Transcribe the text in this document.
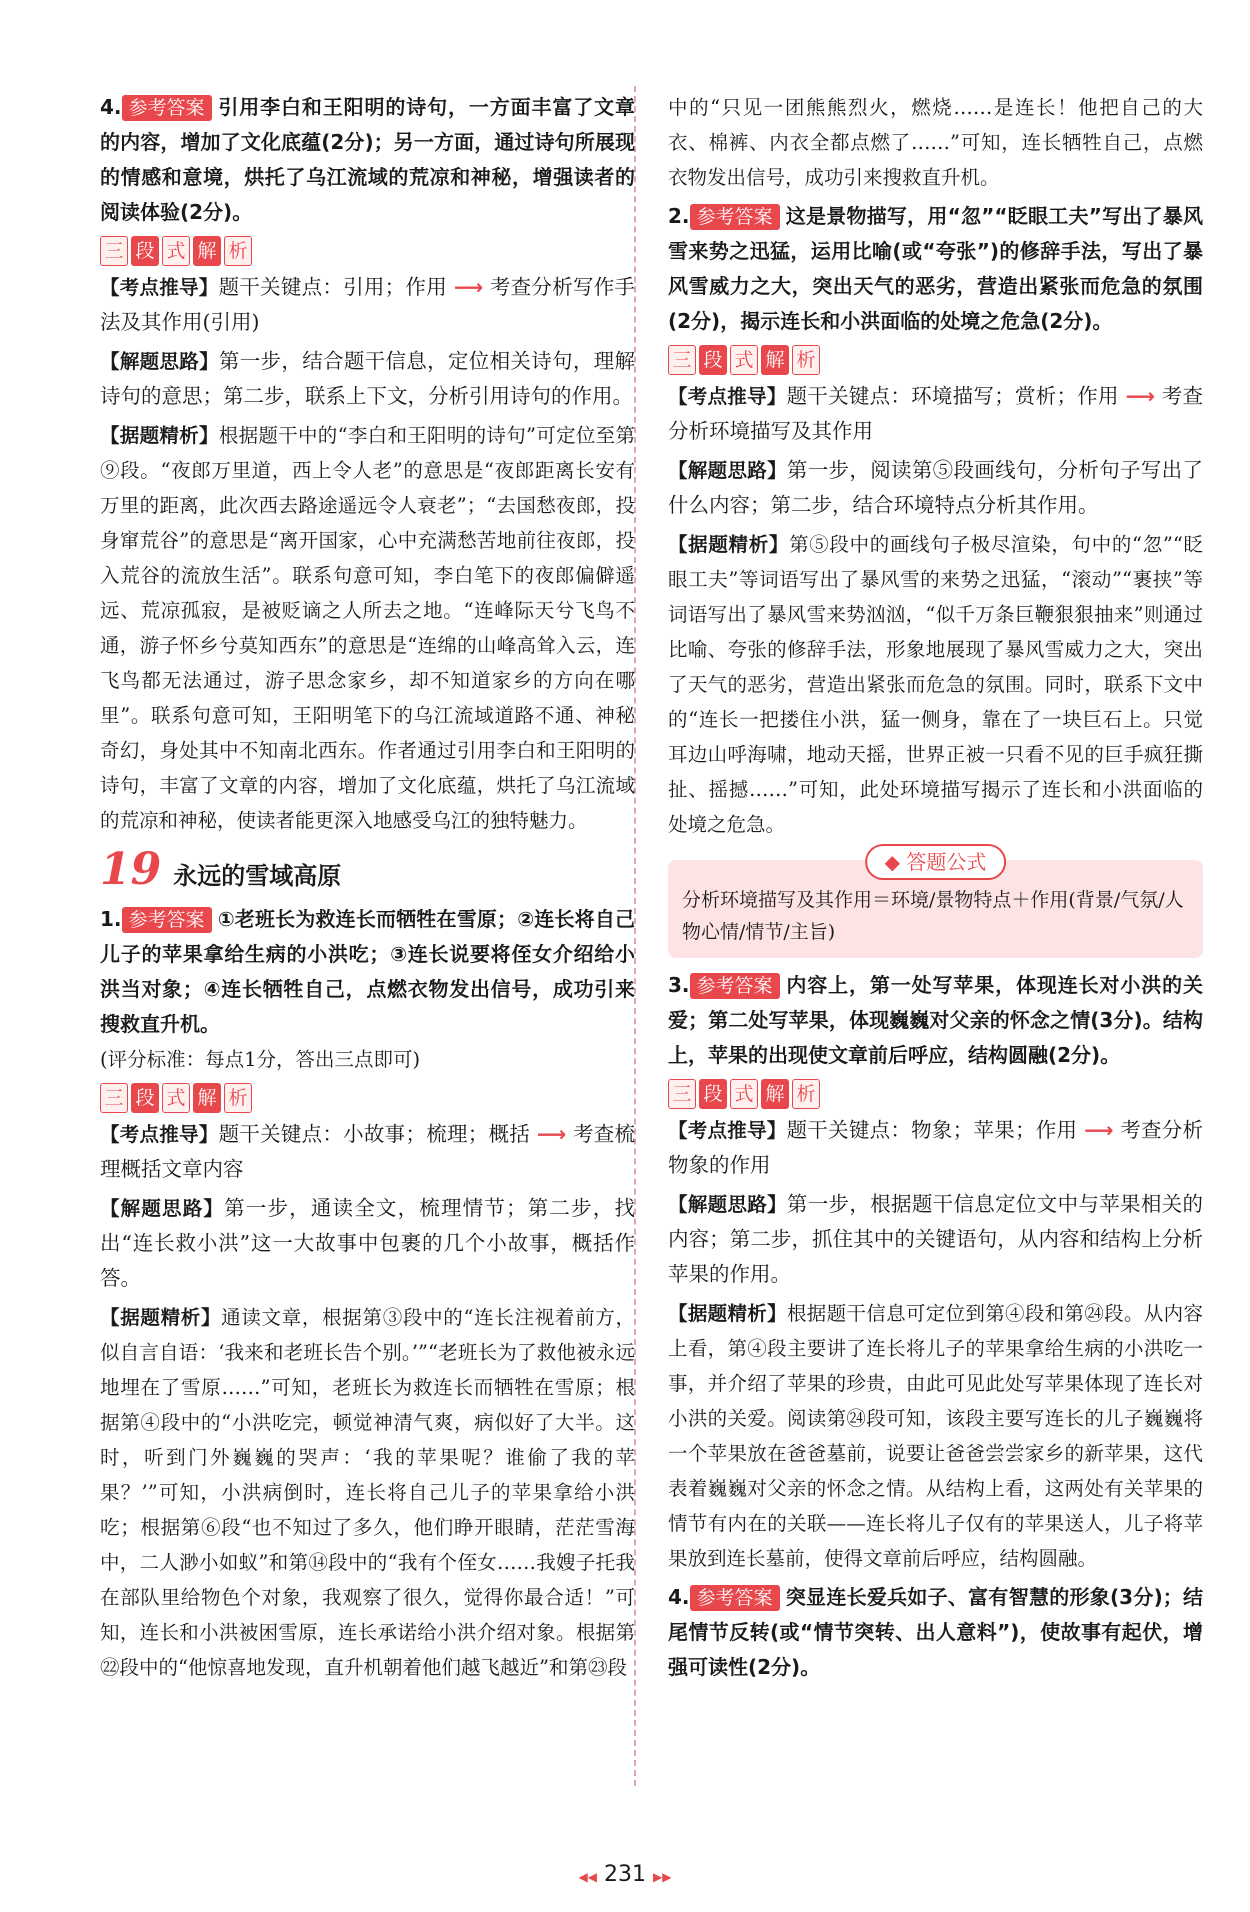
4. 参考答案 引用李白和王阳明的诗句，一方面丰富了文章的内容，增加了文化底蕴(2分)；另一方面，通过诗句所展现的情感和意境，烘托了乌江流域的荒凉和神秘，增强读者的阅读体验(2分)。

三 段 式 解 析

【考点推导】题干关键点：引用；作用 ⟶ 考查分析写作手法及其作用(引用)

【解题思路】第一步，结合题干信息，定位相关诗句，理解诗句的意思；第二步，联系上下文，分析引用诗句的作用。

【据题精析】根据题干中的“李白和王阳明的诗句”可定位至第⑨段。“夜郎万里道，西上令人老”的意思是“夜郎距离长安有万里的距离，此次西去路途遥远令人衰老”；“去国愁夜郎，投身窜荒谷”的意思是“离开国家，心中充满愁苦地前往夜郎，投入荒谷的流放生活”。联系句意可知，李白笔下的夜郎偏僻遥远、荒凉孤寂，是被贬谪之人所去之地。“连峰际天兮飞鸟不通，游子怀乡兮莫知西东”的意思是“连绵的山峰高耸入云，连飞鸟都无法通过，游子思念家乡，却不知道家乡的方向在哪里”。联系句意可知，王阳明笔下的乌江流域道路不通、神秘奇幻，身处其中不知南北西东。作者通过引用李白和王阳明的诗句，丰富了文章的内容，增加了文化底蕴，烘托了乌江流域的荒凉和神秘，使读者能更深入地感受乌江的独特魅力。

19 永远的雪域高原

1. 参考答案 ①老班长为救连长而牺牲在雪原；②连长将自己儿子的苹果拿给生病的小洪吃；③连长说要将侄女介绍给小洪当对象；④连长牺牲自己，点燃衣物发出信号，成功引来搜救直升机。

(评分标准：每点1分，答出三点即可)

三 段 式 解 析

【考点推导】题干关键点：小故事；梳理；概括 ⟶ 考查梳理概括文章内容

【解题思路】第一步，通读全文，梳理情节；第二步，找出“连长救小洪”这一大故事中包裹的几个小故事，概括作答。

【据题精析】通读文章，根据第③段中的“连长注视着前方，似自言自语：‘我来和老班长告个别。’”“老班长为了救他被永远地埋在了雪原……”可知，老班长为救连长而牺牲在雪原；根据第④段中的“小洪吃完，顿觉神清气爽，病似好了大半。这时，听到门外巍巍的哭声：‘我的苹果呢？谁偷了我的苹果？’”可知，小洪病倒时，连长将自己儿子的苹果拿给小洪吃；根据第⑥段“也不知过了多久，他们睁开眼睛，茫茫雪海中，二人渺小如蚁”和第⑭段中的“我有个侄女……我嫂子托我在部队里给物色个对象，我观察了很久，觉得你最合适！”可知，连长和小洪被困雪原，连长承诺给小洪介绍对象。根据第㉒段中的“他惊喜地发现，直升机朝着他们越飞越近”和第㉓段

中的“只见一团熊熊烈火，燃烧……是连长！他把自己的大衣、棉裤、内衣全都点燃了……”可知，连长牺牲自己，点燃衣物发出信号，成功引来搜救直升机。

2. 参考答案 这是景物描写，用“忽”“眨眼工夫”写出了暴风雪来势之迅猛，运用比喻(或“夸张”)的修辞手法，写出了暴风雪威力之大，突出天气的恶劣，营造出紧张而危急的氛围(2分)，揭示连长和小洪面临的处境之危急(2分)。

三 段 式 解 析

【考点推导】题干关键点：环境描写；赏析；作用 ⟶ 考查分析环境描写及其作用

【解题思路】第一步，阅读第⑤段画线句，分析句子写出了什么内容；第二步，结合环境特点分析其作用。

【据题精析】第⑤段中的画线句子极尽渲染，句中的“忽”“眨眼工夫”等词语写出了暴风雪的来势之迅猛，“滚动”“裹挟”等词语写出了暴风雪来势汹汹，“似千万条巨鞭狠狠抽来”则通过比喻、夸张的修辞手法，形象地展现了暴风雪威力之大，突出了天气的恶劣，营造出紧张而危急的氛围。同时，联系下文中的“连长一把搂住小洪，猛一侧身，靠在了一块巨石上。只觉耳边山呼海啸，地动天摇，世界正被一只看不见的巨手疯狂撕扯、摇撼……”可知，此处环境描写揭示了连长和小洪面临的处境之危急。

◆ 答题公式
分析环境描写及其作用＝环境/景物特点＋作用(背景/气氛/人物心情/情节/主旨)

3. 参考答案 内容上，第一处写苹果，体现连长对小洪的关爱；第二处写苹果，体现巍巍对父亲的怀念之情(3分)。结构上，苹果的出现使文章前后呼应，结构圆融(2分)。

三 段 式 解 析

【考点推导】题干关键点：物象；苹果；作用 ⟶ 考查分析物象的作用

【解题思路】第一步，根据题干信息定位文中与苹果相关的内容；第二步，抓住其中的关键语句，从内容和结构上分析苹果的作用。

【据题精析】根据题干信息可定位到第④段和第㉔段。从内容上看，第④段主要讲了连长将儿子的苹果拿给生病的小洪吃一事，并介绍了苹果的珍贵，由此可见此处写苹果体现了连长对小洪的关爱。阅读第㉔段可知，该段主要写连长的儿子巍巍将一个苹果放在爸爸墓前，说要让爸爸尝尝家乡的新苹果，这代表着巍巍对父亲的怀念之情。从结构上看，这两处有关苹果的情节有内在的关联——连长将儿子仅有的苹果送人，儿子将苹果放到连长墓前，使得文章前后呼应，结构圆融。

4. 参考答案 突显连长爱兵如子、富有智慧的形象(3分)；结尾情节反转(或“情节突转、出人意料”)，使故事有起伏，增强可读性(2分)。

◀◀ 231 ▶▶
